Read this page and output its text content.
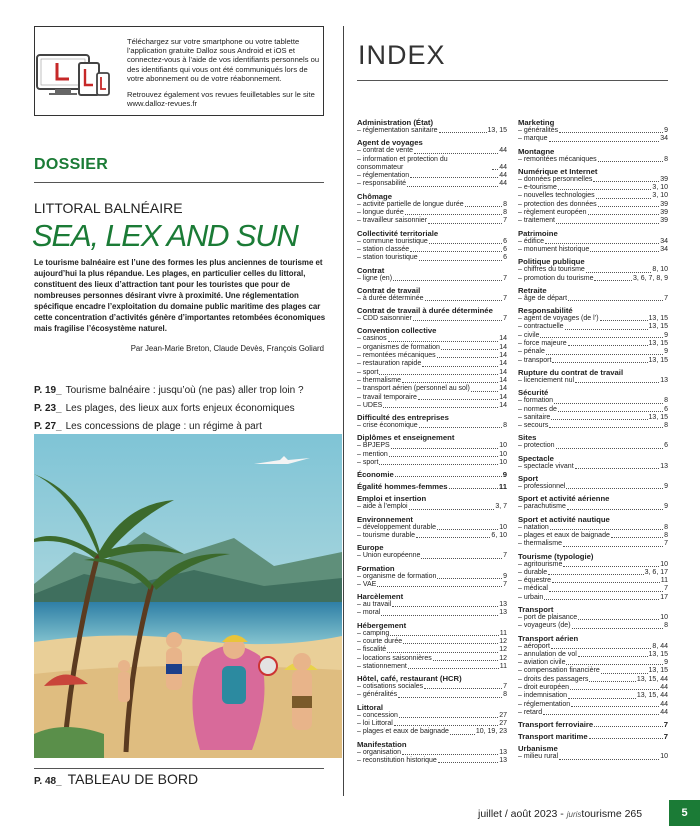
Téléchargez sur votre smartphone ou votre tablette l’application gratuite Dalloz sous Android et iOS et connectez-vous à l’aide de vos identifiants personnels ou des identifiants qui vous ont été communiqués lors de votre abonnement ou de votre réabonnement.

Retrouvez également vos revues feuilletables sur le site www.dalloz-revues.fr

DOSSIER
LITTORAL BALNÉAIRE
SEA, LEX AND SUN
Le tourisme balnéaire est l’une des formes les plus anciennes de tourisme et aujourd’hui la plus répandue. Les plages, en particulier celles du littoral, constituent des lieux d’attraction tant pour les touristes que pour de nombreuses personnes désirant vivre à proximité. Une réglementation spécifique encadre l’exploitation du domaine public maritime des plages car cette concentration d’activités génère d’importantes retombées économiques mais fragilise l’écosystème naturel.
Par Jean-Marie Breton, Claude Devès, François Goliard
P. 19_ Tourisme balnéaire : jusqu’où (ne pas) aller trop loin ?
P. 23_ Les plages, des lieux aux forts enjeux économiques
P. 27_ Les concessions de plage : un régime à part
P. 48_ TABLEAU DE BORD
INDEX
Administration (État)
– réglementation sanitaire	13, 15
Agent de voyages
– contrat de vente	44
– information et protection du consommateur	44
– réglementation	44
– responsabilité	44
Chômage
– activité partielle de longue durée	8
– longue durée	8
– travailleur saisonnier	7
Collectivité territoriale
– commune touristique	6
– station classée	6
– station touristique	6
Contrat
– ligne (en)	7
Contrat de travail
– à durée déterminée	7
Contrat de travail à durée déterminée
– CDD saisonnier	7
Convention collective
– casinos	14
– organismes de formation	14
– remontées mécaniques	14
– restauration rapide	14
– sport	14
– thermalisme	14
– transport aérien (personnel au sol)	14
– travail temporaire	14
– UDES	14
Difficulté des entreprises
– crise économique	8
Diplômes et enseignement
– BPJEPS	10
– mention	10
– sport	10
Économie	9
Égalité hommes-femmes	11
Emploi et insertion
– aide à l’emploi	3, 7
Environnement
– développement durable	10
– tourisme durable	6, 10
Europe
– Union européenne	7
Formation
– organisme de formation	9
– VAE	7
Harcèlement
– au travail	13
– moral	13
Hébergement
– camping	11
– courte durée	12
– fiscalité	12
– locations saisonnières	12
– stationnement	11
Hôtel, café, restaurant (HCR)
– cotisations sociales	7
– généralités	8
Littoral
– concession	27
– loi Littoral	27
– plages et eaux de baignade	10, 19, 23
Manifestation
– organisation	13
– reconstitution historique	13
Marketing
– généralités	9
– marque	34
Montagne
– remontées mécaniques	8
Numérique et Internet
– données personnelles	39
– e-tourisme	3, 10
– nouvelles technologies	3, 10
– protection des données	39
– règlement européen	39
– traitement	39
Patrimoine
– édifice	34
– monument historique	34
Politique publique
– chiffres du tourisme	8, 10
– promotion du tourisme	3, 6, 7, 8, 9
Retraite
– âge de départ	7
Responsabilité
– agent de voyages (de l’)	13, 15
– contractuelle	13, 15
– civile	9
– force majeure	13, 15
– pénale	9
– transport	13, 15
Rupture du contrat de travail
– licenciement nul	13
Sécurité
– formation	8
– normes de	6
– sanitaire	13, 15
– secours	8
Sites
– protection	6
Spectacle
– spectacle vivant	13
Sport
– professionnel	9
Sport et activité aérienne
– parachutisme	9
Sport et activité nautique
– natation	8
– plages et eaux de baignade	8
– thermalisme	7
Tourisme (typologie)
– agritourisme	10
– durable	3, 6, 17
– équestre	11
– médical	7
– urbain	17
Transport
– port de plaisance	10
– voyageurs (de)	8
Transport aérien
– aéroport	8, 44
– annulation de vol	13, 15
– aviation civile	9
– compensation financière	13, 15
– droits des passagers	13, 15, 44
– droit européen	44
– indemnisation	13, 15, 44
– réglementation	44
– retard	44
Transport ferroviaire	7
Transport maritime	7
Urbanisme
– milieu rural	10
juillet / août 2023 - juristourisme 265	5
